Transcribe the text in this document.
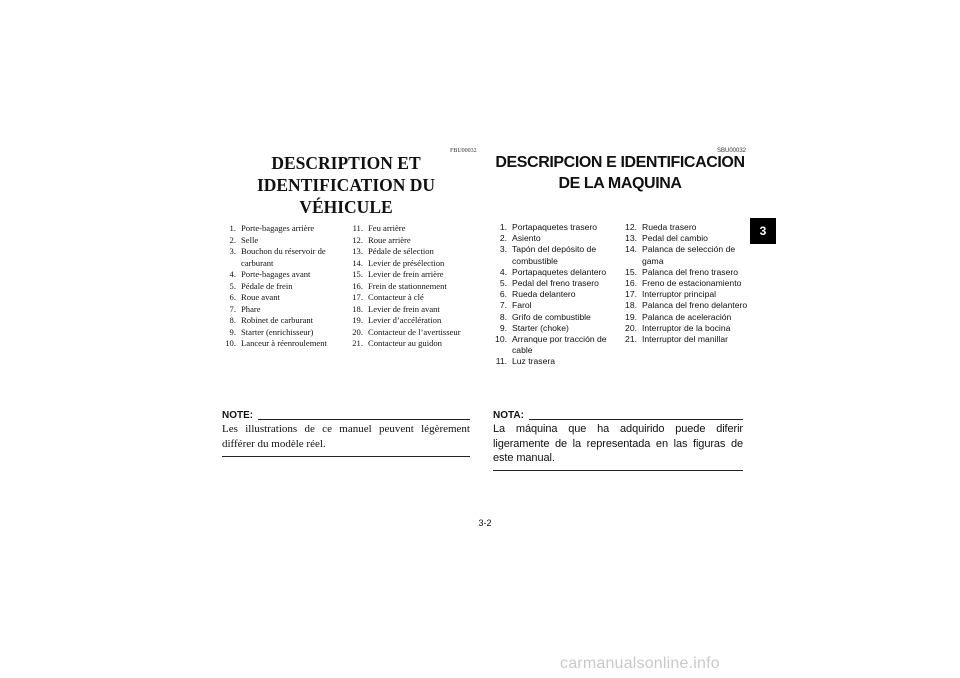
FBU00032
DESCRIPTION ET
IDENTIFICATION DU VÉHICULE
1. Porte-bagages arrière
2. Selle
3. Bouchon du réservoir de carburant
4. Porte-bagages avant
5. Pédale de frein
6. Roue avant
7. Phare
8. Robinet de carburant
9. Starter (enrichisseur)
10. Lanceur à réenroulement
11. Feu arrière
12. Roue arrière
13. Pédale de sélection
14. Levier de présélection
15. Levier de frein arrière
16. Frein de stationnement
17. Contacteur à clé
18. Levier de frein avant
19. Levier d’accélération
20. Contacteur de l’avertisseur
21. Contacteur au guidon
NOTE:
Les illustrations de ce manuel peuvent légèrement différer du modèle réel.
SBU00032
DESCRIPCION E IDENTIFICACION
DE LA MAQUINA
1. Portapaquetes trasero
2. Asiento
3. Tapón del depósito de combustible
4. Portapaquetes delantero
5. Pedal del freno trasero
6. Rueda delantero
7. Farol
8. Grifo de combustible
9. Starter (choke)
10. Arranque por tracción de cable
11. Luz trasera
12. Rueda trasero
13. Pedal del cambio
14. Palanca de selección de gama
15. Palanca del freno trasero
16. Freno de estacionamiento
17. Interruptor principal
18. Palanca del freno delantero
19. Palanca de aceleración
20. Interruptor de la bocina
21. Interruptor del manillar
NOTA:
La máquina que ha adquirido puede diferir ligeramente de la representada en las figuras de este manual.
3-2
3
carmanualsonline.info
